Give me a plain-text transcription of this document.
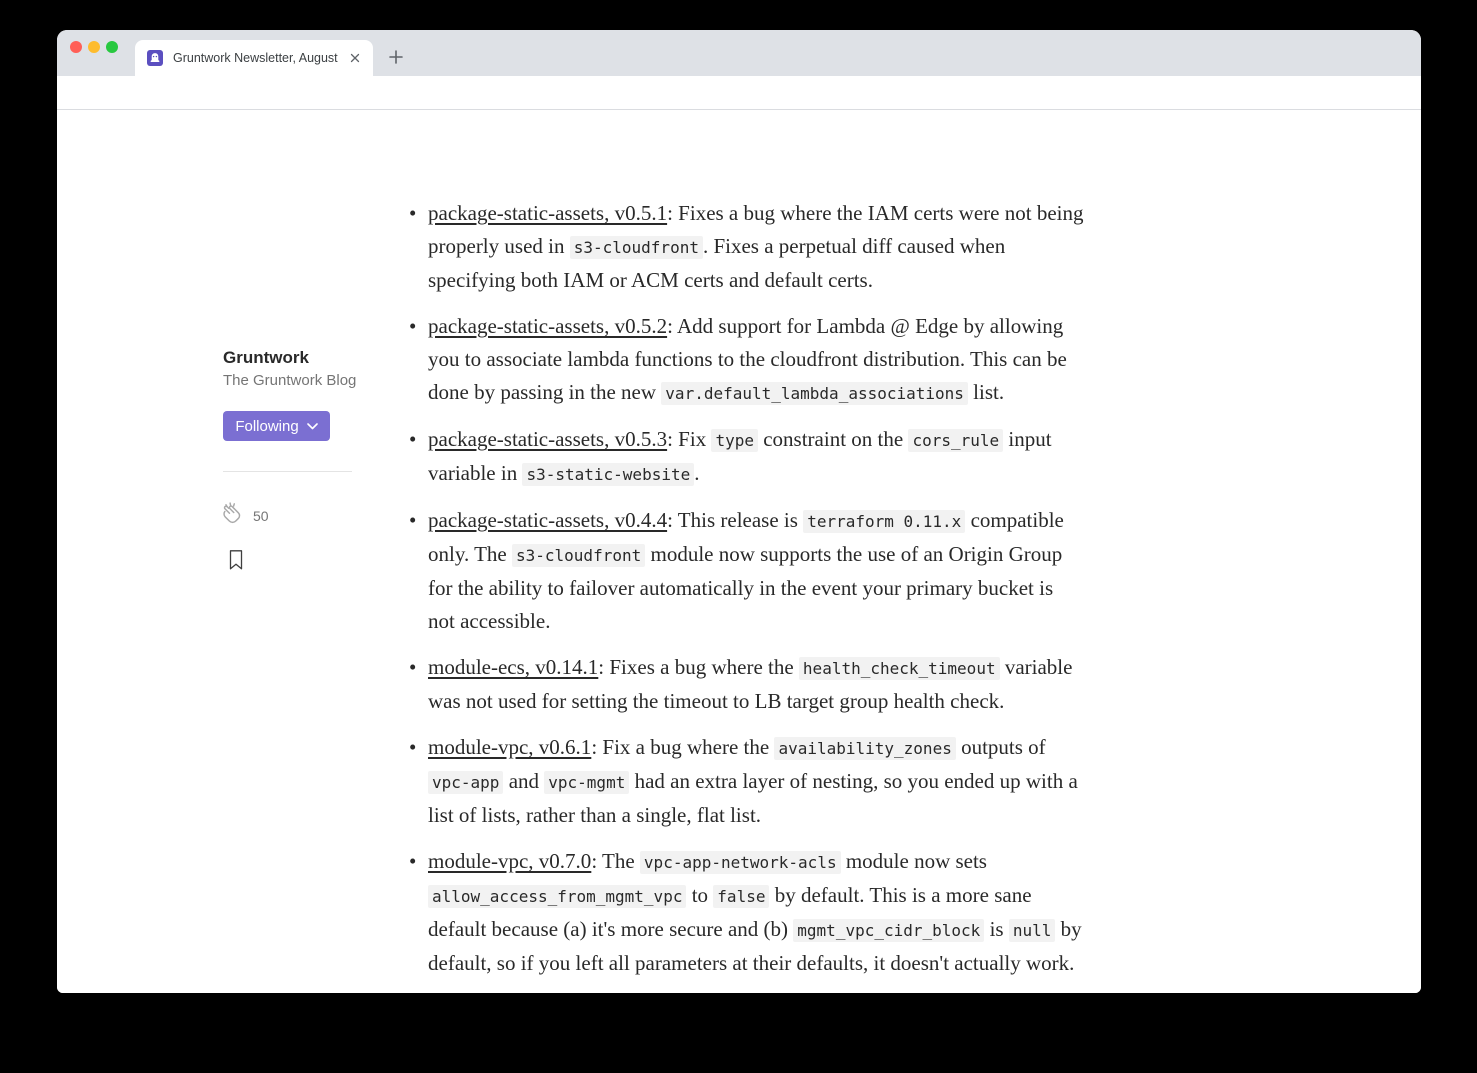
Gruntwork Newsletter, August
Gruntwork
The Gruntwork Blog
Following
50
• package-static-assets, v0.5.1: Fixes a bug where the IAM certs were not being properly used in s3-cloudfront . Fixes a perpetual diff caused when specifying both IAM or ACM certs and default certs.
• package-static-assets, v0.5.2: Add support for Lambda @ Edge by allowing you to associate lambda functions to the cloudfront distribution. This can be done by passing in the new var.default_lambda_associations list.
• package-static-assets, v0.5.3: Fix type constraint on the cors_rule input variable in s3-static-website .
• package-static-assets, v0.4.4: This release is terraform 0.11.x compatible only. The s3-cloudfront module now supports the use of an Origin Group for the ability to failover automatically in the event your primary bucket is not accessible.
• module-ecs, v0.14.1: Fixes a bug where the health_check_timeout variable was not used for setting the timeout to LB target group health check.
• module-vpc, v0.6.1: Fix a bug where the availability_zones outputs of vpc-app and vpc-mgmt had an extra layer of nesting, so you ended up with a list of lists, rather than a single, flat list.
• module-vpc, v0.7.0: The vpc-app-network-acls module now sets allow_access_from_mgmt_vpc to false by default. This is a more sane default because (a) it's more secure and (b) mgmt_vpc_cidr_block is null by default, so if you left all parameters at their defaults, it doesn't actually work.
